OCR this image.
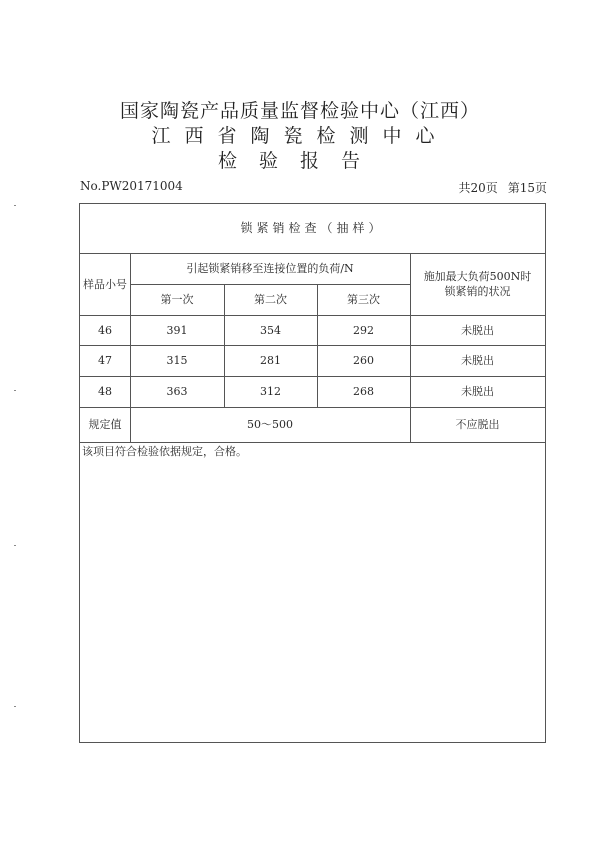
国家陶瓷产品质量监督检验中心（江西）
江西省陶瓷检测中心
检验报告
No.PW20171004	共20页 第15页
锁紧销检查（抽样）
样品小号
引起锁紧销移至连接位置的负荷/N
第一次	第二次	第三次
施加最大负荷500N时
锁紧销的状况
46	391	354	292	未脱出
47	315	281	260	未脱出
48	363	312	268	未脱出
规定值	50～500	不应脱出
该项目符合检验依据规定，合格。
